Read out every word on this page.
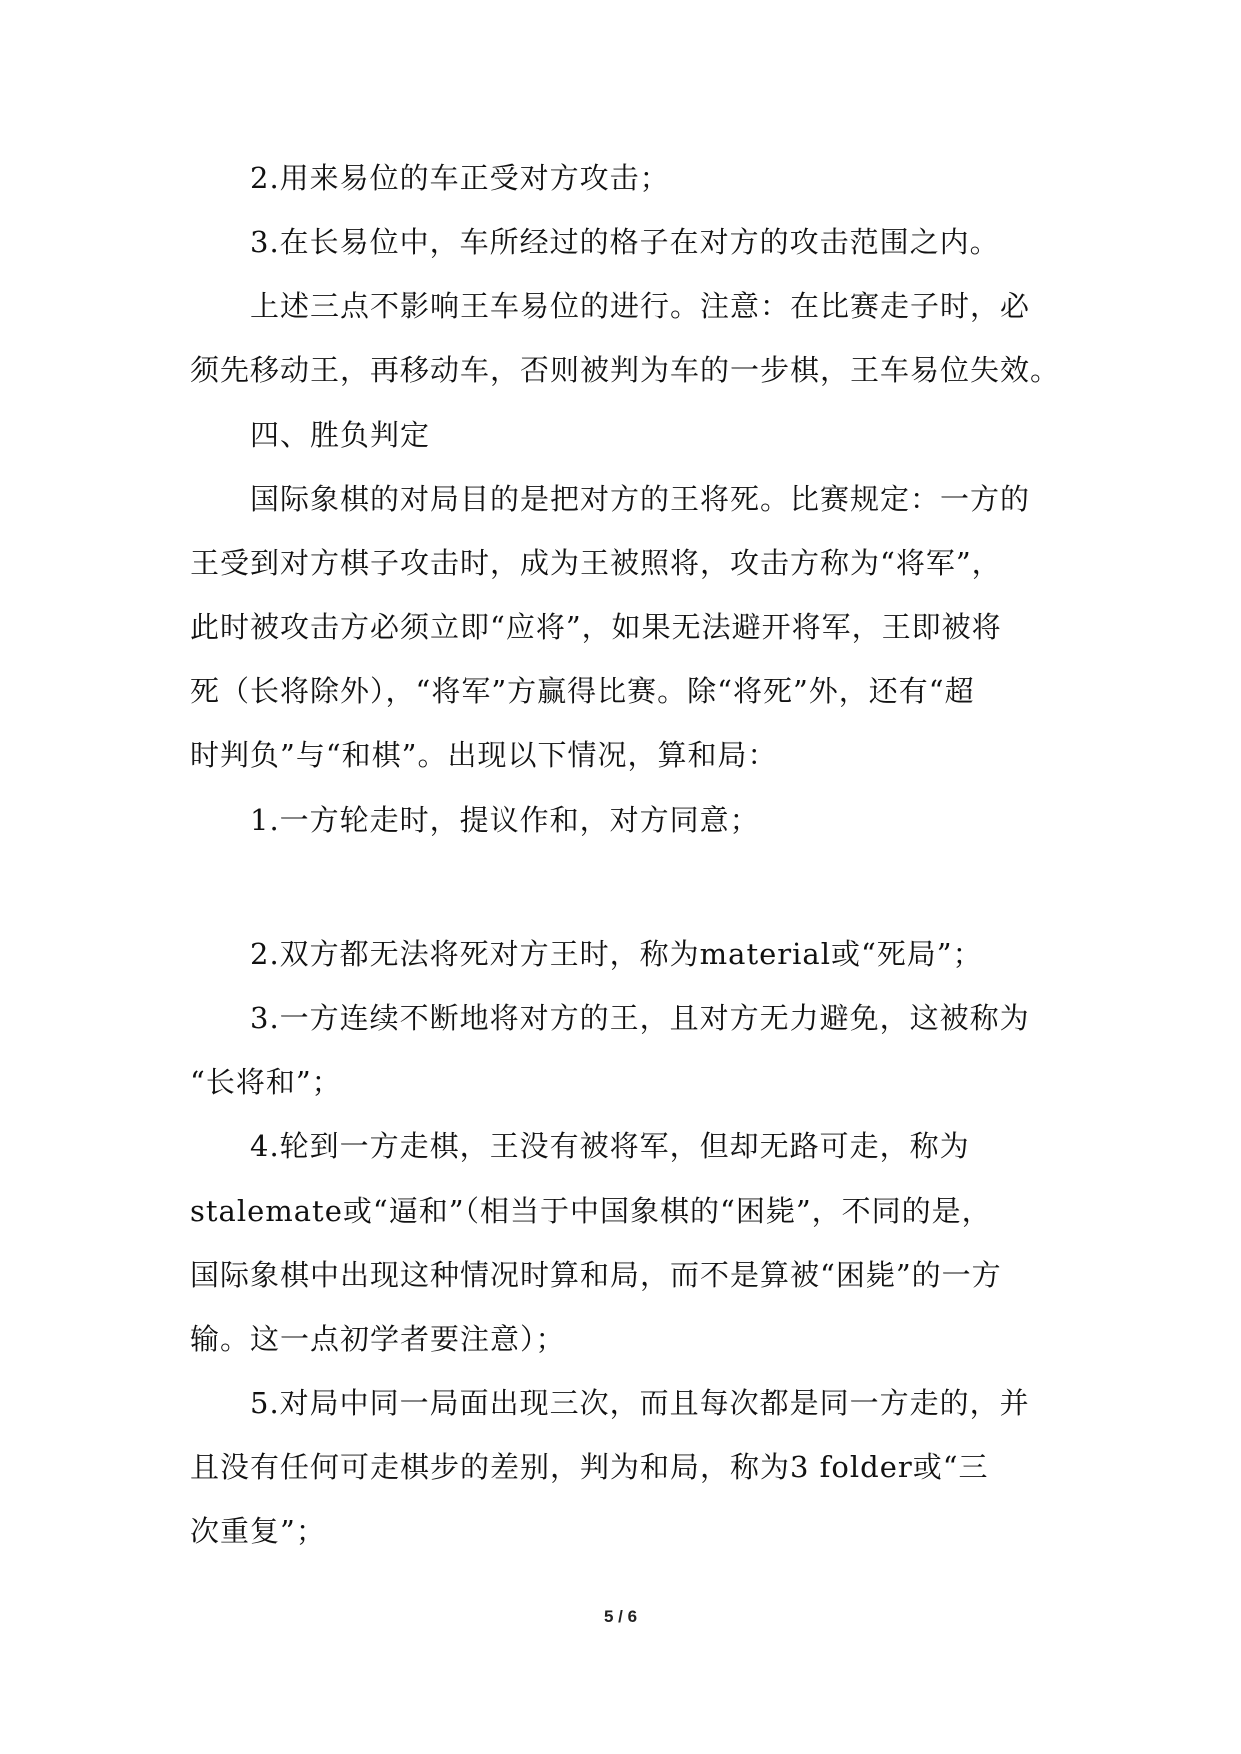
2.用来易位的车正受对方攻击；
3.在长易位中，车所经过的格子在对方的攻击范围之内。
上述三点不影响王车易位的进行。注意：在比赛走子时，必
须先移动王，再移动车，否则被判为车的一步棋，王车易位失效。
四、胜负判定
国际象棋的对局目的是把对方的王将死。比赛规定：一方的
王受到对方棋子攻击时，成为王被照将，攻击方称为“将军”，
此时被攻击方必须立即“应将”，如果无法避开将军，王即被将
死（长将除外），“将军”方赢得比赛。除“将死”外，还有“超
时判负”与“和棋”。出现以下情况，算和局：
1.一方轮走时，提议作和，对方同意；
2.双方都无法将死对方王时，称为material或“死局”；
3.一方连续不断地将对方的王，且对方无力避免，这被称为
“长将和”；
4.轮到一方走棋，王没有被将军，但却无路可走，称为
stalemate或“逼和”（相当于中国象棋的“困毙”，不同的是，
国际象棋中出现这种情况时算和局，而不是算被“困毙”的一方
输。这一点初学者要注意）；
5.对局中同一局面出现三次，而且每次都是同一方走的，并
且没有任何可走棋步的差别，判为和局，称为3 folder或“三
次重复”；
5 / 6
